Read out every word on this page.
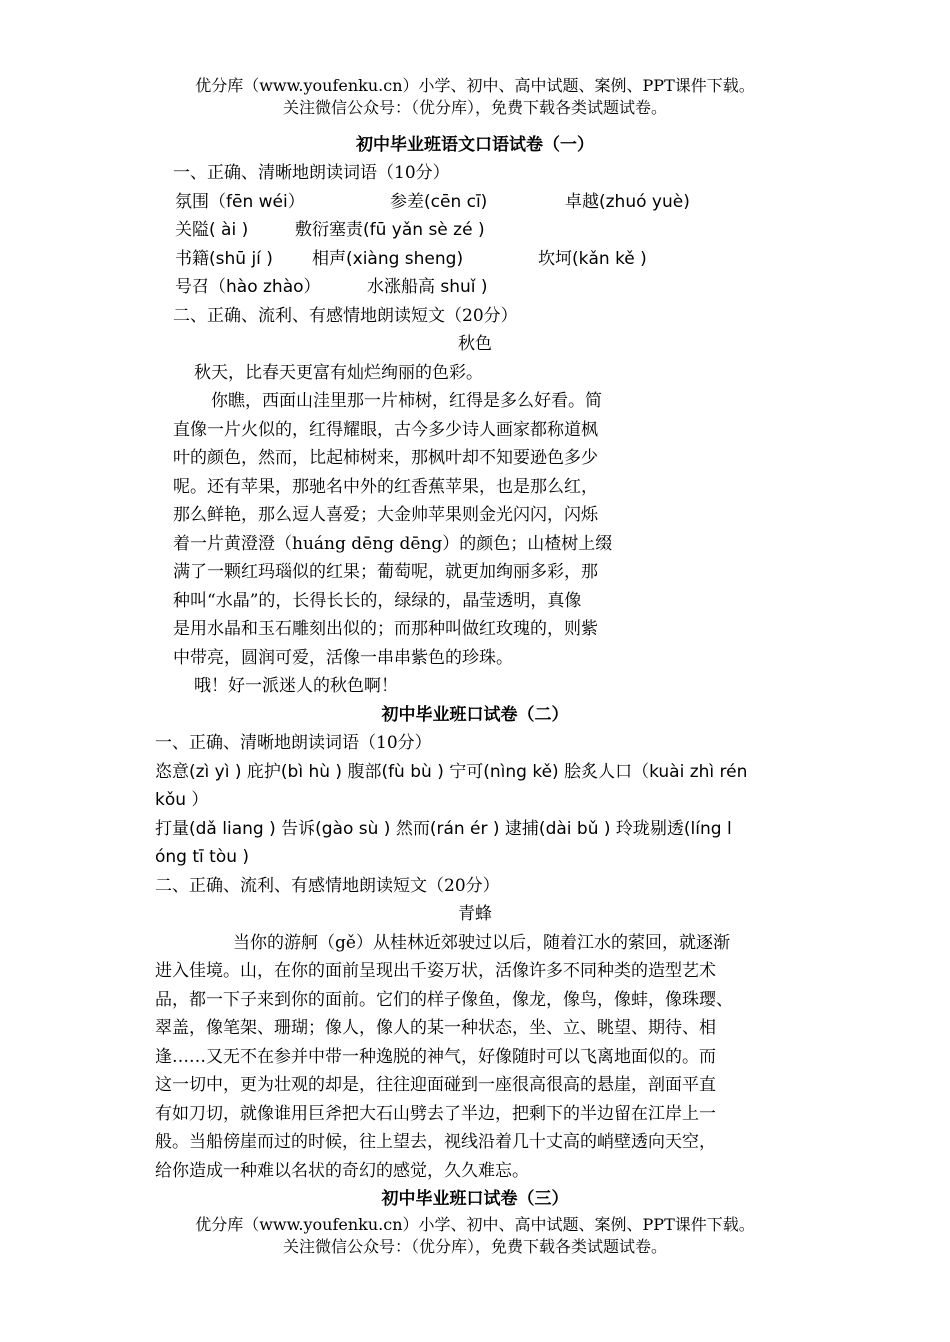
优分库（www.youfenku.cn）小学、初中、高中试题、案例、PPT课件下载。
关注微信公众号：（优分库），免费下载各类试题试卷。
初中毕业班语文口语试卷（一）
一、正确、清晰地朗读词语（10分）
氛围（fēn wéi）	参差(cēn cī)	卓越(zhuó yuè)
关隘( ài )	敷衍塞责(fū yǎn sè zé )
书籍(shū jí ) 相声(xiàng sheng)	坎坷(kǎn kě )
号召（hào zhào）	水涨船高 shuǐ )
二、正确、流利、有感情地朗读短文（20分）
秋色
秋天，比春天更富有灿烂绚丽的色彩。
你瞧，西面山洼里那一片柿树，红得是多么好看。简
直像一片火似的，红得耀眼，古今多少诗人画家都称道枫
叶的颜色，然而，比起柿树来，那枫叶却不知要逊色多少
呢。还有苹果，那驰名中外的红香蕉苹果，也是那么红，
那么鲜艳，那么逗人喜爱；大金帅苹果则金光闪闪，闪烁
着一片黄澄澄（huáng dēng dēng）的颜色；山楂树上缀
满了一颗红玛瑙似的红果；葡萄呢，就更加绚丽多彩，那
种叫“水晶”的，长得长长的，绿绿的，晶莹透明，真像
是用水晶和玉石雕刻出似的；而那种叫做红玫瑰的，则紫
中带亮，圆润可爱，活像一串串紫色的珍珠。
哦！好一派迷人的秋色啊！
初中毕业班口试卷（二）
一、正确、清晰地朗读词语（10分）
恣意(zì yì ) 庇护(bì hù ) 腹部(fù bù ) 宁可(nìng kě) 脍炙人口（kuài zhì rén
kǒu ）
打量(dǎ liang ) 告诉(gào sù ) 然而(rán ér ) 逮捕(dài bǔ ) 玲珑剔透(líng l
óng tī tòu )
二、正确、流利、有感情地朗读短文（20分）
青蜂
当你的游舸（gě）从桂林近郊驶过以后，随着江水的萦回，就逐渐
进入佳境。山，在你的面前呈现出千姿万状，活像许多不同种类的造型艺术
品，都一下子来到你的面前。它们的样子像鱼，像龙，像鸟，像蚌，像珠璎、
翠盖，像笔架、珊瑚；像人，像人的某一种状态，坐、立、眺望、期待、相
逢……又无不在参并中带一种逸脱的神气，好像随时可以飞离地面似的。而
这一切中，更为壮观的却是，往往迎面碰到一座很高很高的悬崖，剖面平直
有如刀切，就像谁用巨斧把大石山劈去了半边，把剩下的半边留在江岸上一
般。当船傍崖而过的时候，往上望去，视线沿着几十丈高的峭壁透向天空，
给你造成一种难以名状的奇幻的感觉，久久难忘。
初中毕业班口试卷（三）
优分库（www.youfenku.cn）小学、初中、高中试题、案例、PPT课件下载。
关注微信公众号：（优分库），免费下载各类试题试卷。
